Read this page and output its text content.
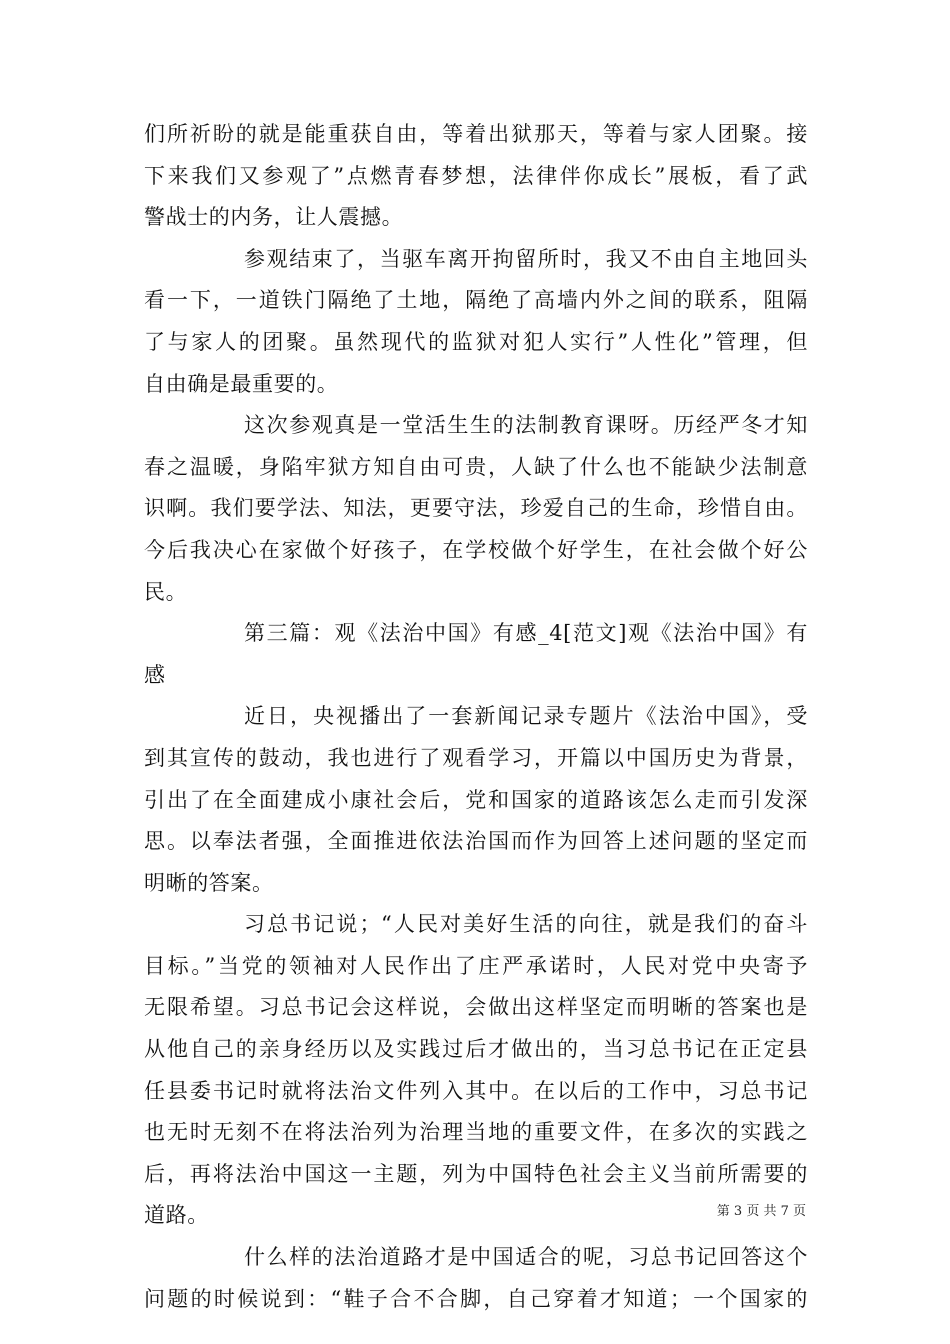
们所祈盼的就是能重获自由，等着出狱那天，等着与家人团聚。接
下来我们又参观了”点燃青春梦想，法律伴你成长”展板，看了武
警战士的内务，让人震撼。
参观结束了，当驱车离开拘留所时，我又不由自主地回头
看一下，一道铁门隔绝了土地，隔绝了高墙内外之间的联系，阻隔
了与家人的团聚。虽然现代的监狱对犯人实行”人性化”管理，但
自由确是最重要的。
这次参观真是一堂活生生的法制教育课呀。历经严冬才知
春之温暖，身陷牢狱方知自由可贵，人缺了什么也不能缺少法制意
识啊。我们要学法、知法，更要守法，珍爱自己的生命，珍惜自由。
今后我决心在家做个好孩子，在学校做个好学生，在社会做个好公
民。
第三篇：观《法治中国》有感_4[范文]观《法治中国》有
感
近日，央视播出了一套新闻记录专题片《法治中国》，受
到其宣传的鼓动，我也进行了观看学习，开篇以中国历史为背景，
引出了在全面建成小康社会后，党和国家的道路该怎么走而引发深
思。以奉法者强，全面推进依法治国而作为回答上述问题的坚定而
明晰的答案。
习总书记说；“人民对美好生活的向往，就是我们的奋斗
目标。”当党的领袖对人民作出了庄严承诺时，人民对党中央寄予
无限希望。习总书记会这样说，会做出这样坚定而明晰的答案也是
从他自己的亲身经历以及实践过后才做出的，当习总书记在正定县
任县委书记时就将法治文件列入其中。在以后的工作中，习总书记
也无时无刻不在将法治列为治理当地的重要文件，在多次的实践之
后，再将法治中国这一主题，列为中国特色社会主义当前所需要的
道路。
什么样的法治道路才是中国适合的呢，习总书记回答这个
问题的时候说到：“鞋子合不合脚，自己穿着才知道；一个国家的
第 3 页 共 7 页
